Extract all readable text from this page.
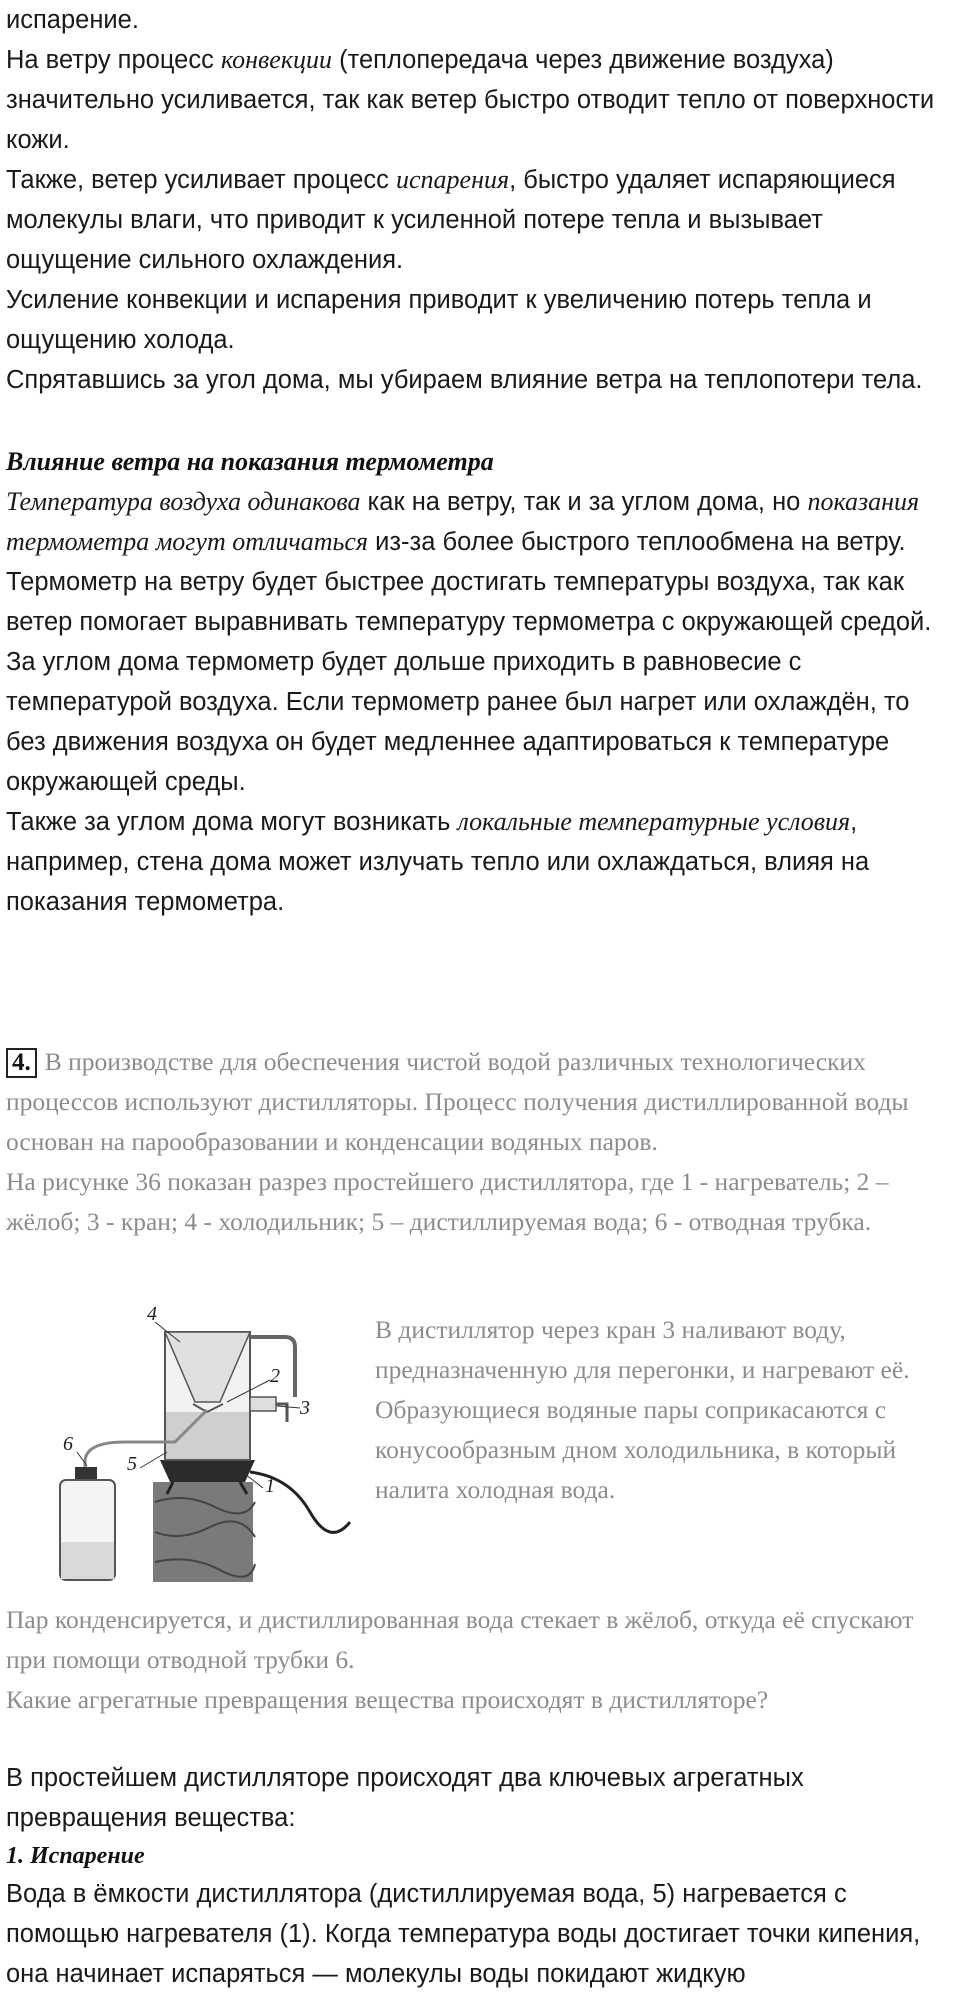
испарение.

На ветру процесс конвекции (теплопередача через движение воздуха) значительно усиливается, так как ветер быстро отводит тепло от поверхности кожи.

Также, ветер усиливает процесс испарения, быстро удаляет испаряющиеся молекулы влаги, что приводит к усиленной потере тепла и вызывает ощущение сильного охлаждения.

Усиление конвекции и испарения приводит к увеличению потерь тепла и ощущению холода.

Спрятавшись за угол дома, мы убираем влияние ветра на теплопотери тела.

Влияние ветра на показания термометра

Температура воздуха одинакова как на ветру, так и за углом дома, но показания термометра могут отличаться из-за более быстрого теплообмена на ветру.

Термометр на ветру будет быстрее достигать температуры воздуха, так как ветер помогает выравнивать температуру термометра с окружающей средой.

За углом дома термометр будет дольше приходить в равновесие с температурой воздуха. Если термометр ранее был нагрет или охлаждён, то без движения воздуха он будет медленнее адаптироваться к температуре окружающей среды.

Также за углом дома могут возникать локальные температурные условия, например, стена дома может излучать тепло или охлаждаться, влияя на показания термометра.

4. В производстве для обеспечения чистой водой различных технологических процессов используют дистилляторы. Процесс получения дистиллированной воды основан на парообразовании и конденсации водяных паров.

На рисунке 36 показан разрез простейшего дистиллятора, где 1 - нагреватель; 2 – жёлоб; 3 - кран; 4 - холодильник; 5 – дистиллируемая вода; 6 - отводная трубка.

4
2
3
6
5
1

В дистиллятор через кран 3 наливают воду, предназначенную для перегонки, и нагревают её. Образующиеся водяные пары соприкасаются с конусообразным дном холодильника, в который налита холодная вода.

Пар конденсируется, и дистиллированная вода стекает в жёлоб, откуда её спускают при помощи отводной трубки 6.

Какие агрегатные превращения вещества происходят в дистилляторе?

В простейшем дистилляторе происходят два ключевых агрегатных превращения вещества:

1. Испарение

Вода в ёмкости дистиллятора (дистиллируемая вода, 5) нагревается с помощью нагревателя (1). Когда температура воды достигает точки кипения, она начинает испаряться — молекулы воды покидают жидкую
